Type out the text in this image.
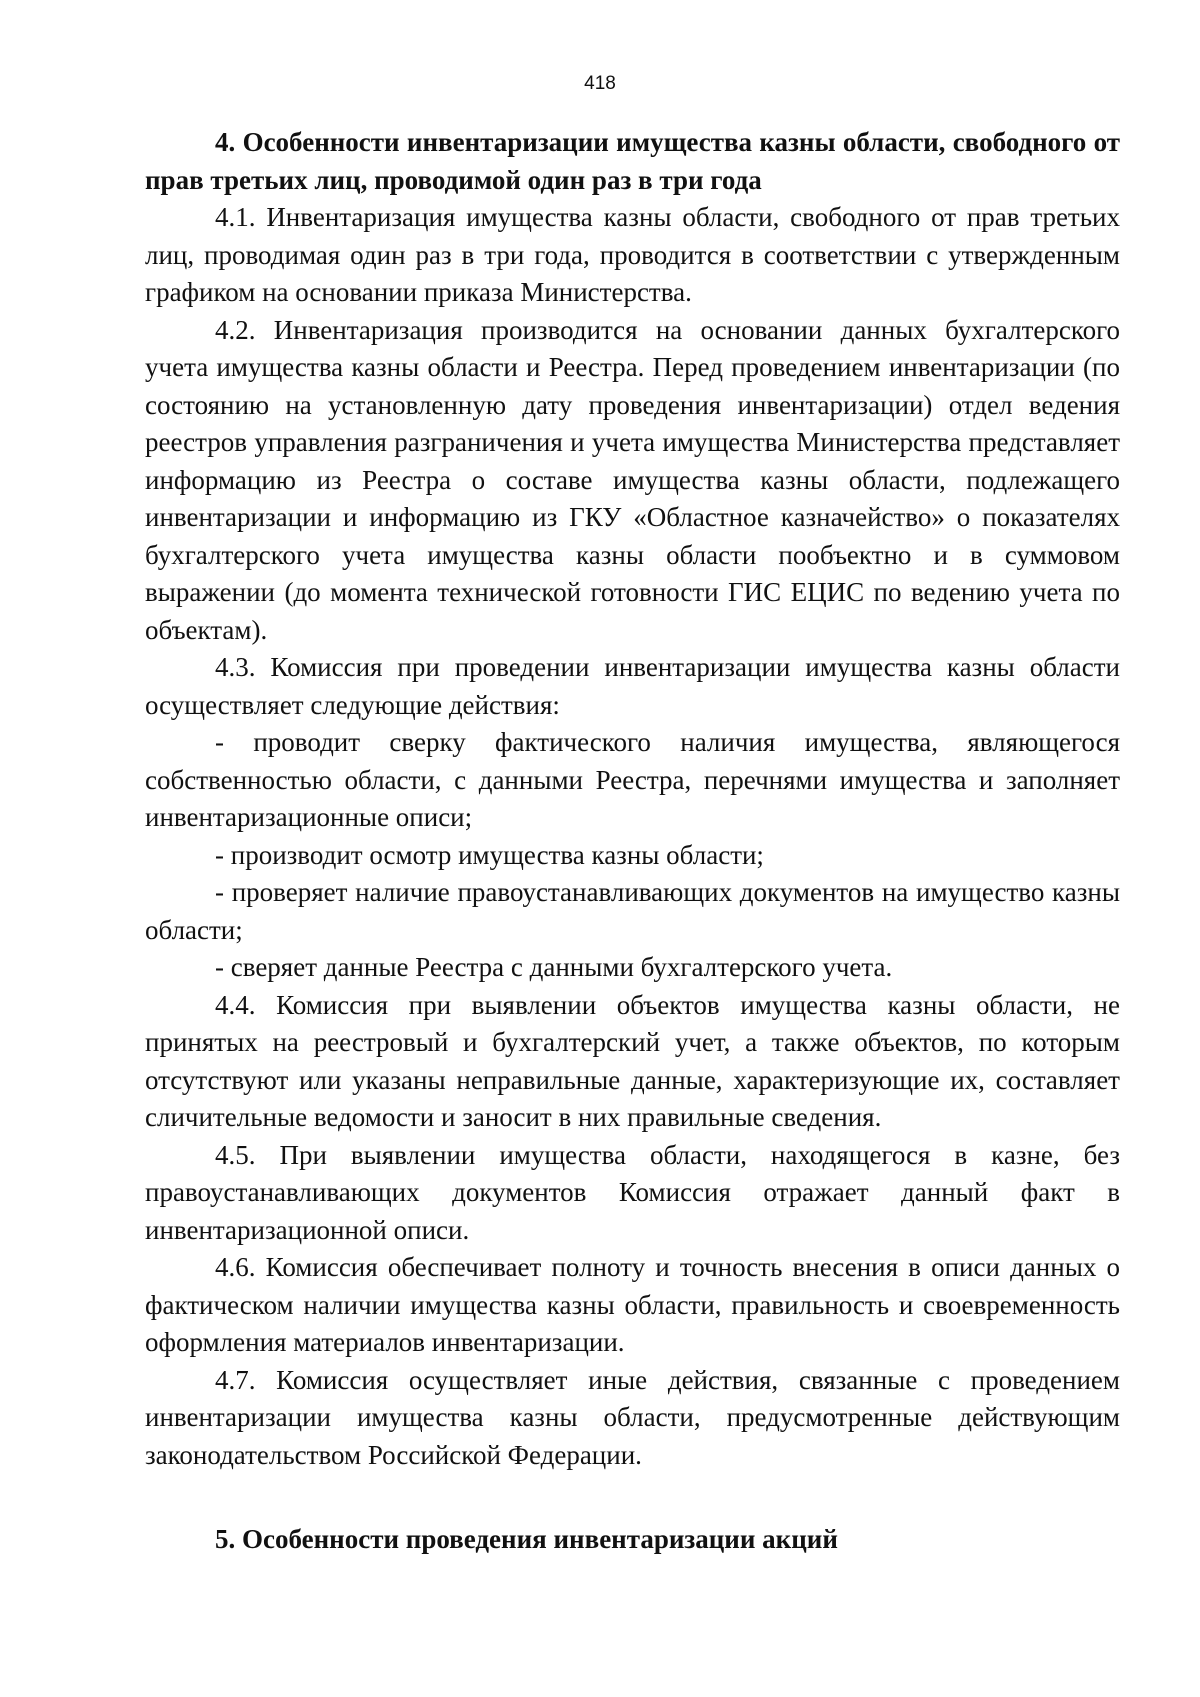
418

4. Особенности инвентаризации имущества казны области, свободного от прав третьих лиц, проводимой один раз в три года

4.1. Инвентаризация имущества казны области, свободного от прав третьих лиц, проводимая один раз в три года, проводится в соответствии с утвержденным графиком на основании приказа Министерства.

4.2. Инвентаризация производится на основании данных бухгалтерского учета имущества казны области и Реестра. Перед проведением инвентаризации (по состоянию на установленную дату проведения инвентаризации) отдел ведения реестров управления разграничения и учета имущества Министерства представляет информацию из Реестра о составе имущества казны области, подлежащего инвентаризации и информацию из ГКУ «Областное казначейство» о показателях бухгалтерского учета имущества казны области пообъектно и в суммовом выражении (до момента технической готовности ГИС ЕЦИС по ведению учета по объектам).

4.3. Комиссия при проведении инвентаризации имущества казны области осуществляет следующие действия:

- проводит сверку фактического наличия имущества, являющегося собственностью области, с данными Реестра, перечнями имущества и заполняет инвентаризационные описи;

- производит осмотр имущества казны области;

- проверяет наличие правоустанавливающих документов на имущество казны области;

- сверяет данные Реестра с данными бухгалтерского учета.

4.4. Комиссия при выявлении объектов имущества казны области, не принятых на реестровый и бухгалтерский учет, а также объектов, по которым отсутствуют или указаны неправильные данные, характеризующие их, составляет сличительные ведомости и заносит в них правильные сведения.

4.5. При выявлении имущества области, находящегося в казне, без правоустанавливающих документов Комиссия отражает данный факт в инвентаризационной описи.

4.6. Комиссия обеспечивает полноту и точность внесения в описи данных о фактическом наличии имущества казны области, правильность и своевременность оформления материалов инвентаризации.

4.7. Комиссия осуществляет иные действия, связанные с проведением инвентаризации имущества казны области, предусмотренные действующим законодательством Российской Федерации.

5. Особенности проведения инвентаризации акций
